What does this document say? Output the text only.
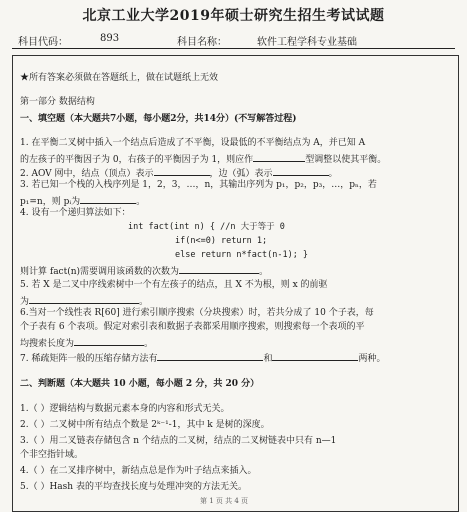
北京工业大学2019年硕士研究生招生考试试题
科目代码：	893	科目名称：	软件工程学科专业基础
★所有答案必须做在答题纸上，做在试题纸上无效
第一部分 数据结构
一、填空题（本大题共7小题，每小题2分，共14分）(不写解答过程)
1. 在平衡二叉树中插入一个结点后造成了不平衡，设最低的不平衡结点为 A，并已知 A
的左孩子的平衡因子为 0，右孩子的平衡因子为 1，则应作	型调整以使其平衡。
2. AOV 网中，结点（顶点）表示	，边（弧）表示	。
3. 若已知一个栈的入栈序列是 1，2，3，…，n，其输出序列为 p₁，p₂，p₃，…，pₙ，若
p₁=n，则 pᵢ为	。
4. 设有一个递归算法如下：
int fact(int n) { //n 大于等于 0
if(n<=0) return 1;
else return n*fact(n-1); }
则计算 fact(n)需要调用该函数的次数为	。
5. 若 X 是二叉中序线索树中一个有左孩子的结点，且 X 不为根，则 x 的前驱
为	。
6.当对一个线性表 R[60] 进行索引顺序搜索（分块搜索）时，若共分成了 10 个子表，每
个子表有 6 个表项。假定对索引表和数据子表都采用顺序搜索，则搜索每一个表项的平
均搜索长度为	。
7. 稀疏矩阵一般的压缩存储方法有	和	两种。
二、判断题（本大题共 10 小题，每小题 2 分，共 20 分）
1.（ ）逻辑结构与数据元素本身的内容和形式无关。
2.（ ）二叉树中所有结点个数是 2ᵏ⁻¹-1，其中 k 是树的深度。
3.（ ）用二叉链表存储包含 n 个结点的二叉树，结点的二叉树链表中只有 n—1
个非空指针域。
4.（ ）在二叉排序树中，新结点总是作为叶子结点来插入。
5.（ ）Hash 表的平均查找长度与处理冲突的方法无关。
第 1 页 共 4 页
